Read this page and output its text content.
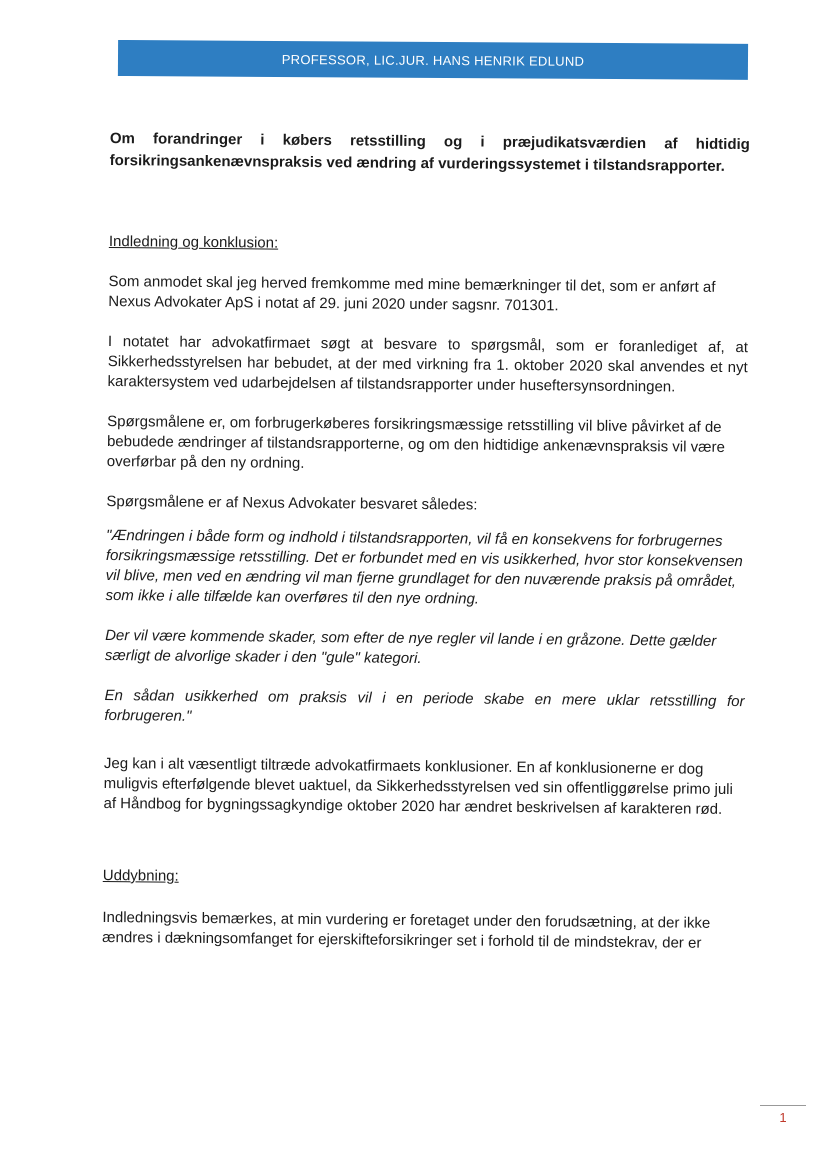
PROFESSOR, LIC.JUR. HANS HENRIK EDLUND

Om forandringer i købers retsstilling og i præjudikatsværdien af hidtidig forsikringsankenævnspraksis ved ændring af vurderingssystemet i tilstandsrapporter.

Indledning og konklusion:

Som anmodet skal jeg herved fremkomme med mine bemærkninger til det, som er anført af Nexus Advokater ApS i notat af 29. juni 2020 under sagsnr. 701301.

I notatet har advokatfirmaet søgt at besvare to spørgsmål, som er foranlediget af, at Sikkerhedsstyrelsen har bebudet, at der med virkning fra 1. oktober 2020 skal anvendes et nyt karaktersystem ved udarbejdelsen af tilstandsrapporter under huseftersynsordningen.

Spørgsmålene er, om forbrugerkøberes forsikringsmæssige retsstilling vil blive påvirket af de bebudede ændringer af tilstandsrapporterne, og om den hidtidige ankenævnspraksis vil være overførbar på den ny ordning.

Spørgsmålene er af Nexus Advokater besvaret således:

"Ændringen i både form og indhold i tilstandsrapporten, vil få en konsekvens for forbrugernes forsikringsmæssige retsstilling. Det er forbundet med en vis usikkerhed, hvor stor konsekvensen vil blive, men ved en ændring vil man fjerne grundlaget for den nuværende praksis på området, som ikke i alle tilfælde kan overføres til den nye ordning.

Der vil være kommende skader, som efter de nye regler vil lande i en gråzone. Dette gælder særligt de alvorlige skader i den "gule" kategori.

En sådan usikkerhed om praksis vil i en periode skabe en mere uklar retsstilling for forbrugeren."

Jeg kan i alt væsentligt tiltræde advokatfirmaets konklusioner. En af konklusionerne er dog muligvis efterfølgende blevet uaktuel, da Sikkerhedsstyrelsen ved sin offentliggørelse primo juli af Håndbog for bygningssagkyndige oktober 2020 har ændret beskrivelsen af karakteren rød.

Uddybning:

Indledningsvis bemærkes, at min vurdering er foretaget under den forudsætning, at der ikke ændres i dækningsomfanget for ejerskifteforsikringer set i forhold til de mindstekrav, der er

1
